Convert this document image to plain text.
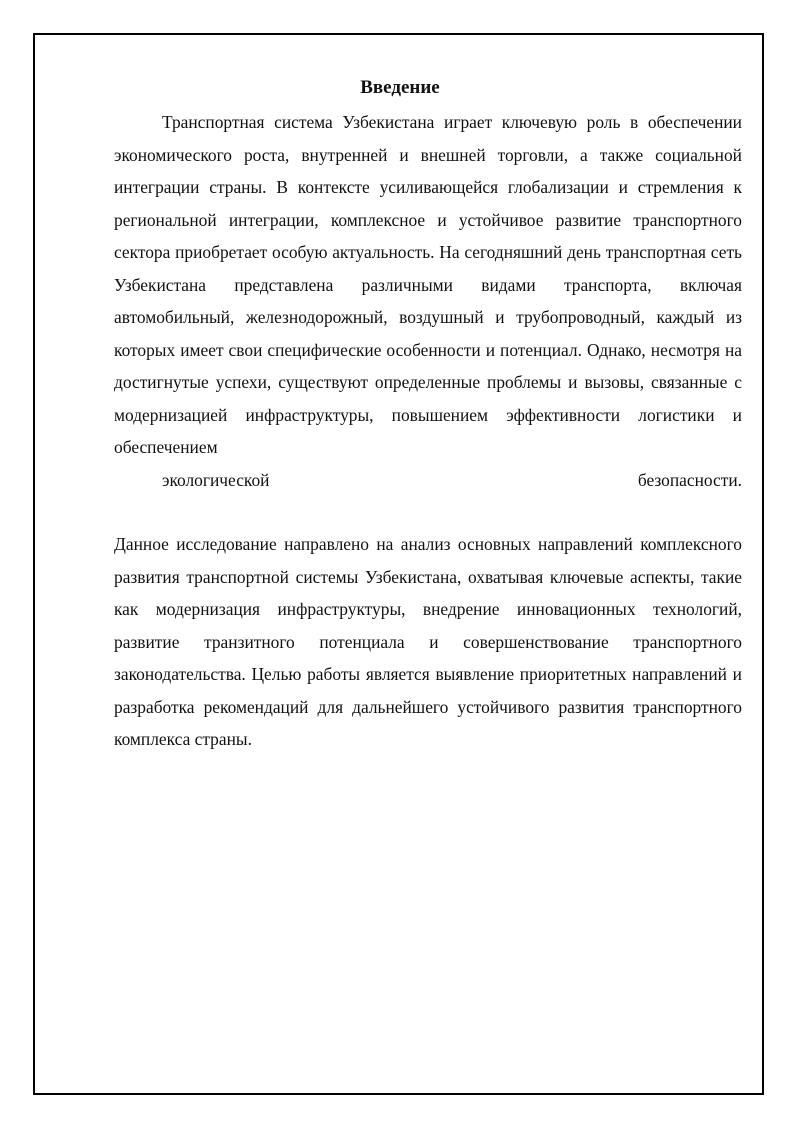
Введение
Транспортная система Узбекистана играет ключевую роль в обеспечении экономического роста, внутренней и внешней торговли, а также социальной интеграции страны. В контексте усиливающейся глобализации и стремления к региональной интеграции, комплексное и устойчивое развитие транспортного сектора приобретает особую актуальность. На сегодняшний день транспортная сеть Узбекистана представлена различными видами транспорта, включая автомобильный, железнодорожный, воздушный и трубопроводный, каждый из которых имеет свои специфические особенности и потенциал. Однако, несмотря на достигнутые успехи, существуют определенные проблемы и вызовы, связанные с модернизацией инфраструктуры, повышением эффективности логистики и обеспечением
экологической	безопасности.

Данное исследование направлено на анализ основных направлений комплексного развития транспортной системы Узбекистана, охватывая ключевые аспекты, такие как модернизация инфраструктуры, внедрение инновационных технологий, развитие транзитного потенциала и совершенствование транспортного законодательства. Целью работы является выявление приоритетных направлений и разработка рекомендаций для дальнейшего устойчивого развития транспортного комплекса страны.
